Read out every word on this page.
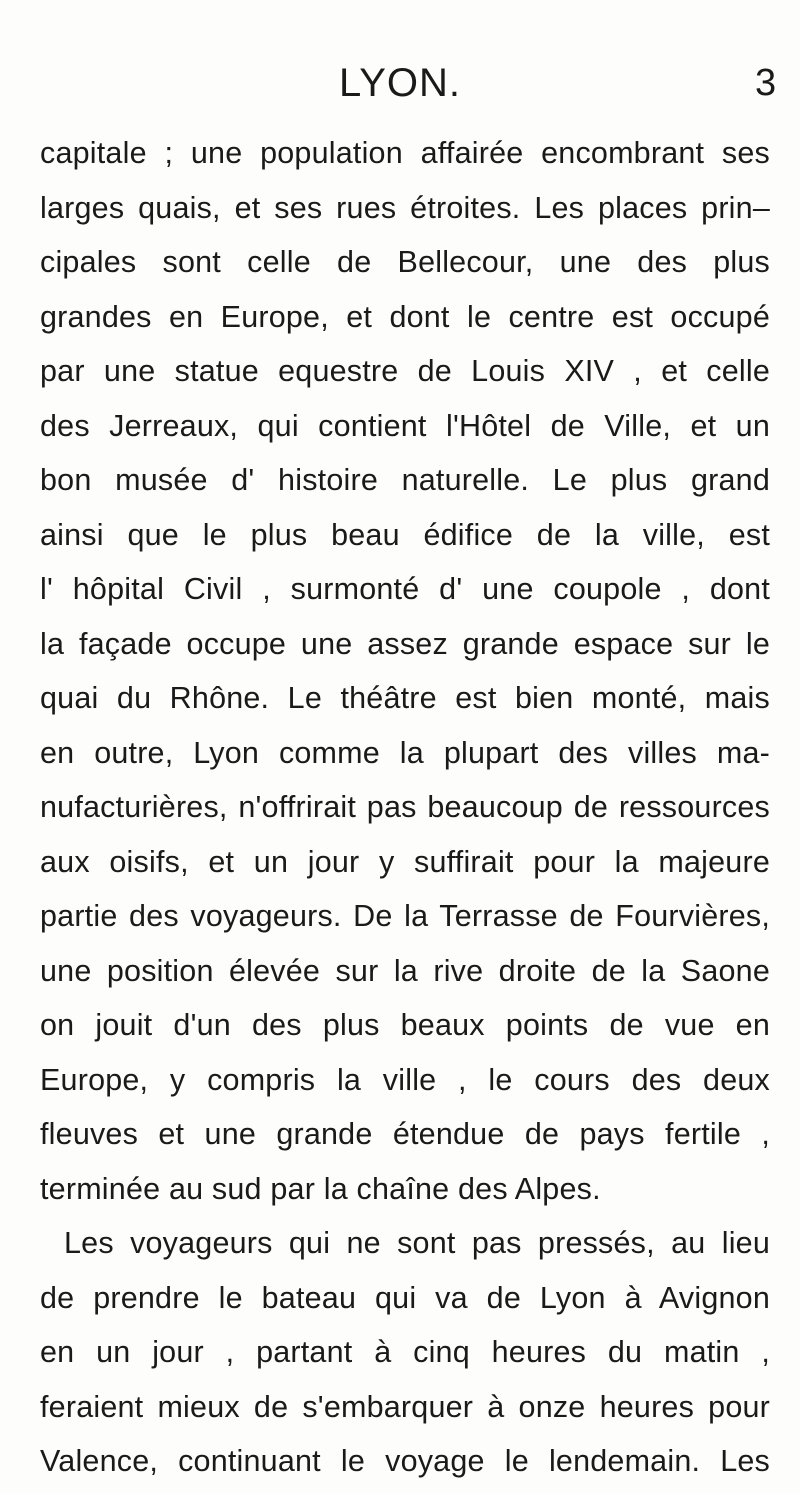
LYON.	3
capitale ; une population affairée encombrant ses
larges quais, et ses rues étroites. Les places prin–
cipales sont celle de Bellecour, une des plus
grandes en Europe, et dont le centre est occupé
par une statue equestre de Louis XIV , et celle
des Jerreaux, qui contient l'Hôtel de Ville, et un
bon musée d' histoire naturelle. Le plus grand
ainsi que le plus beau édifice de la ville, est
l' hôpital Civil , surmonté d' une coupole , dont
la façade occupe une assez grande espace sur le
quai du Rhône. Le théâtre est bien monté, mais
en outre, Lyon comme la plupart des villes ma-
nufacturières, n'offrirait pas beaucoup de ressources
aux oisifs, et un jour y suffirait pour la majeure
partie des voyageurs. De la Terrasse de Fourvières,
une position élevée sur la rive droite de la Saone
on jouit d'un des plus beaux points de vue en
Europe, y compris la ville , le cours des deux
fleuves et une grande étendue de pays fertile ,
terminée au sud par la chaîne des Alpes.
Les voyageurs qui ne sont pas pressés, au lieu
de prendre le bateau qui va de Lyon à Avignon
en un jour , partant à cinq heures du matin ,
feraient mieux de s'embarquer à onze heures pour
Valence, continuant le voyage le lendemain. Les
